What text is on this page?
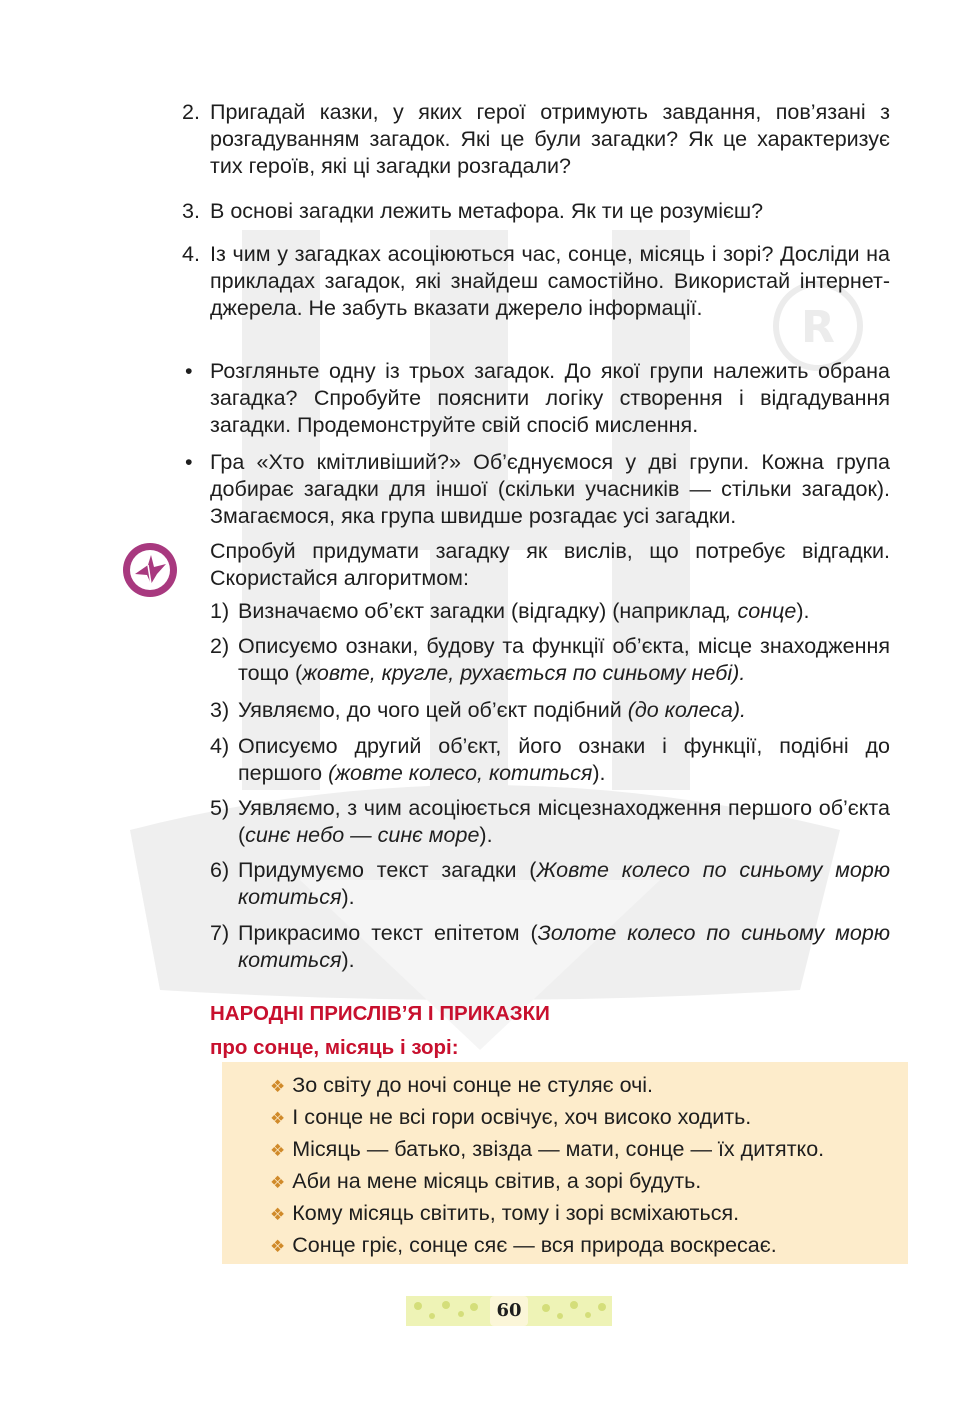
R
2. Пригадай казки, у яких герої отримують завдання, пов’язані з розгадуванням загадок. Які це були загадки? Як це характеризує тих героїв, які ці загадки розгадали?
3. В основі загадки лежить метафора. Як ти це розумієш?
4. Із чим у загадках асоціюються час, сонце, місяць і зорі? Досліди на прикладах загадок, які знайдеш самостійно. Використай інтернет-джерела. Не забуть вказати джерело інформації.
• Розгляньте одну із трьох загадок. До якої групи належить обрана загадка? Спробуйте пояснити логіку створення і відгадування загадки. Продемонструйте свій спосіб мислення.
• Гра «Хто кмітливіший?» Об’єднуємося у дві групи. Кожна група добирає загадки для іншої (скільки учасників — стільки загадок). Змагаємося, яка група швидше розгадає усі загадки.
Спробуй придумати загадку як вислів, що потребує відгадки. Скористайся алгоритмом:
1) Визначаємо об’єкт загадки (відгадку) (наприклад, сонце).
2) Описуємо ознаки, будову та функції об’єкта, місце знаходження тощо (жовте, кругле, рухається по синьому небі).
3) Уявляємо, до чого цей об’єкт подібний (до колеса).
4) Описуємо другий об’єкт, його ознаки і функції, подібні до першого (жовте колесо, котиться).
5) Уявляємо, з чим асоціюється місцезнаходження першого об’єкта (синє небо — синє море).
6) Придумуємо текст загадки (Жовте колесо по синьому морю котиться).
7) Прикрасимо текст епітетом (Золоте колесо по синьому морю котиться).
НАРОДНІ ПРИСЛІВ’Я І ПРИКАЗКИ
про сонце, місяць і зорі:
❖ Зо світу до ночі сонце не стуляє очі.
❖ І сонце не всі гори освічує, хоч високо ходить.
❖ Місяць — батько, звізда — мати, сонце — їх дитятко.
❖ Аби на мене місяць світив, а зорі будуть.
❖ Кому місяць світить, тому і зорі всміхаються.
❖ Сонце гріє, сонце сяє — вся природа воскресає.
60
